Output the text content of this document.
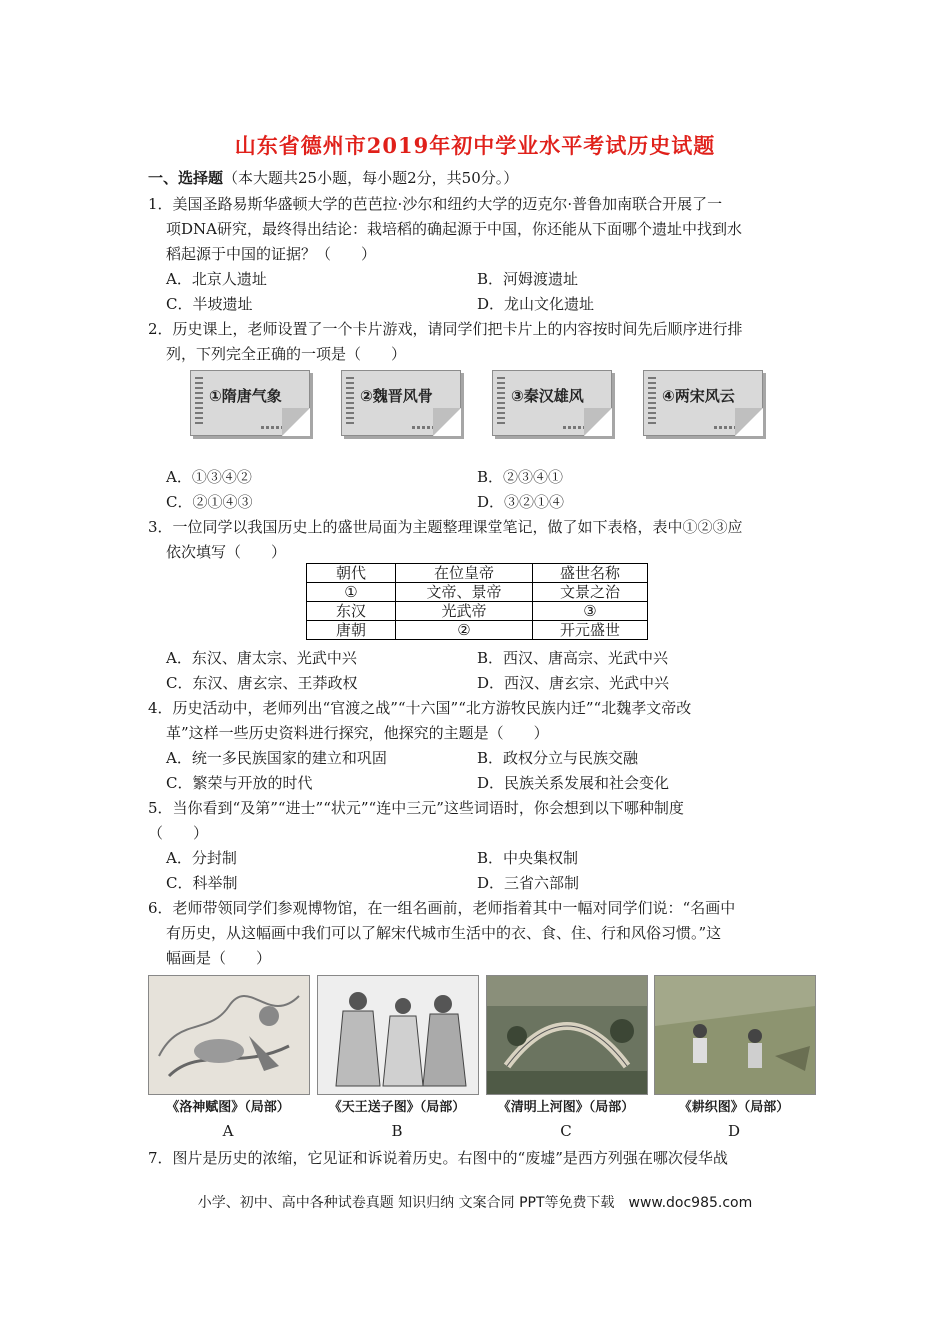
山东省德州市2019年初中学业水平考试历史试题
一、选择题（本大题共25小题，每小题2分，共50分。）
1．美国圣路易斯华盛顿大学的芭芭拉·沙尔和纽约大学的迈克尔·普鲁加南联合开展了一
项DNA研究，最终得出结论：栽培稻的确起源于中国，你还能从下面哪个遗址中找到水
稻起源于中国的证据？（　　）
A．北京人遗址	B．河姆渡遗址
C．半坡遗址	D．龙山文化遗址
2．历史课上，老师设置了一个卡片游戏，请同学们把卡片上的内容按时间先后顺序进行排
列，下列完全正确的一项是（　　）
①隋唐气象	②魏晋风骨	③秦汉雄风	④两宋风云
A．①③④②	B．②③④①
C．②①④③	D．③②①④
3．一位同学以我国历史上的盛世局面为主题整理课堂笔记，做了如下表格，表中①②③应
依次填写（　　）
朝代	在位皇帝	盛世名称
①	文帝、景帝	文景之治
东汉	光武帝	③
唐朝	②	开元盛世
A．东汉、唐太宗、光武中兴	B．西汉、唐高宗、光武中兴
C．东汉、唐玄宗、王莽政权	D．西汉、唐玄宗、光武中兴
4．历史活动中，老师列出“官渡之战”“十六国”“北方游牧民族内迁”“北魏孝文帝改
革”这样一些历史资料进行探究，他探究的主题是（　　）
A．统一多民族国家的建立和巩固	B．政权分立与民族交融
C．繁荣与开放的时代	D．民族关系发展和社会变化
5．当你看到“及第”“进士”“状元”“连中三元”这些词语时，你会想到以下哪种制度
（　　）
A．分封制	B．中央集权制
C．科举制	D．三省六部制
6．老师带领同学们参观博物馆，在一组名画前，老师指着其中一幅对同学们说：“名画中
有历史，从这幅画中我们可以了解宋代城市生活中的衣、食、住、行和风俗习惯。”这
幅画是（　　）
《洛神赋图》（局部）
A
《天王送子图》（局部）
B
《清明上河图》（局部）
C
《耕织图》（局部）
D
7．图片是历史的浓缩，它见证和诉说着历史。右图中的“废墟”是西方列强在哪次侵华战
小学、初中、高中各种试卷真题 知识归纳 文案合同 PPT等免费下载　www.doc985.com
